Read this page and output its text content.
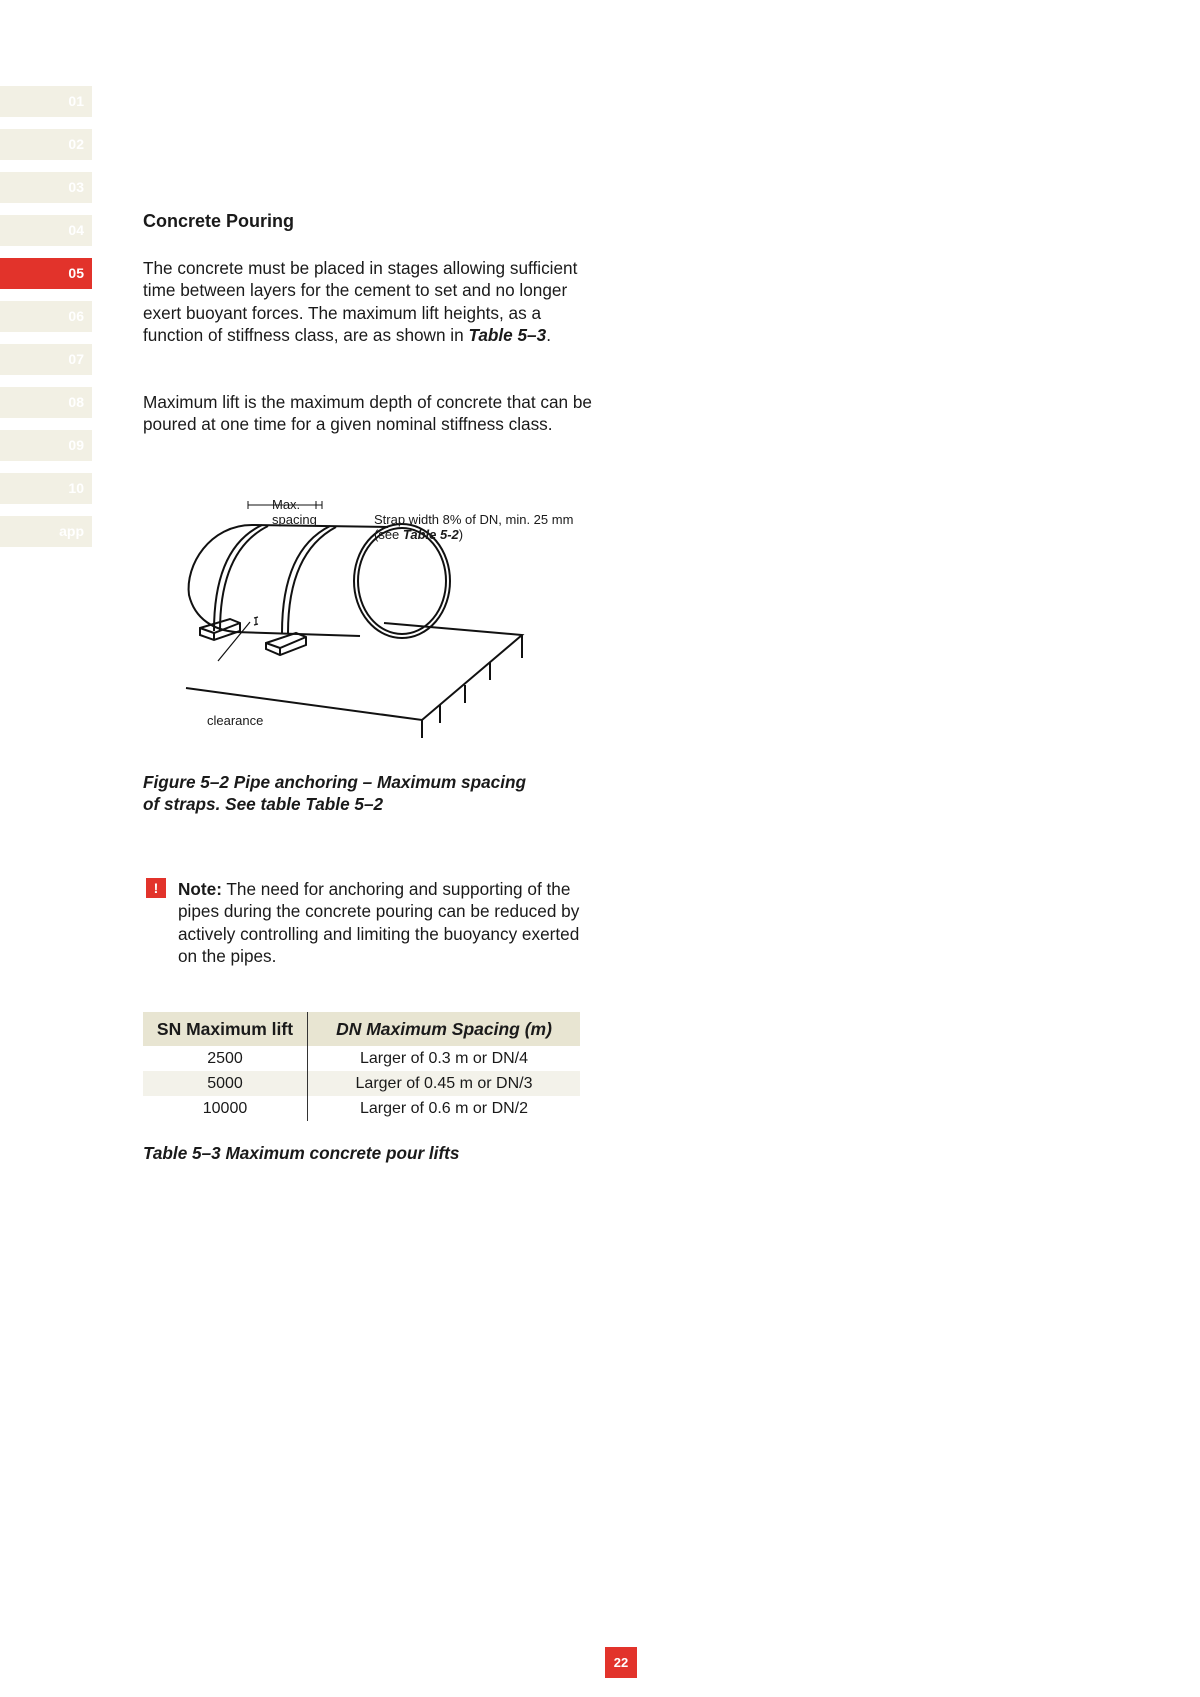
01
02
03
04
05
06
07
08
09
10
app
Concrete Pouring

The concrete must be placed in stages allowing sufficient time between layers for the cement to set and no longer exert buoyant forces. The maximum lift heights, as a function of stiffness class, are as shown in Table 5–3.

Maximum lift is the maximum depth of concrete that can be poured at one time for a given nominal stiffness class.

Max.
spacing	Strap width 8% of DN, min. 25 mm
(see Table 5-2)
clearance

Figure 5–2 Pipe anchoring – Maximum spacing
of straps. See table Table 5–2

!	Note: The need for anchoring and supporting of the pipes during the concrete pouring can be reduced by actively controlling and limiting the buoyancy exerted on the pipes.
SN Maximum lift	DN Maximum Spacing (m)
2500	Larger of 0.3 m or DN/4
5000	Larger of 0.45 m or DN/3
10000	Larger of 0.6 m or DN/2

Table 5–3 Maximum concrete pour lifts

22
